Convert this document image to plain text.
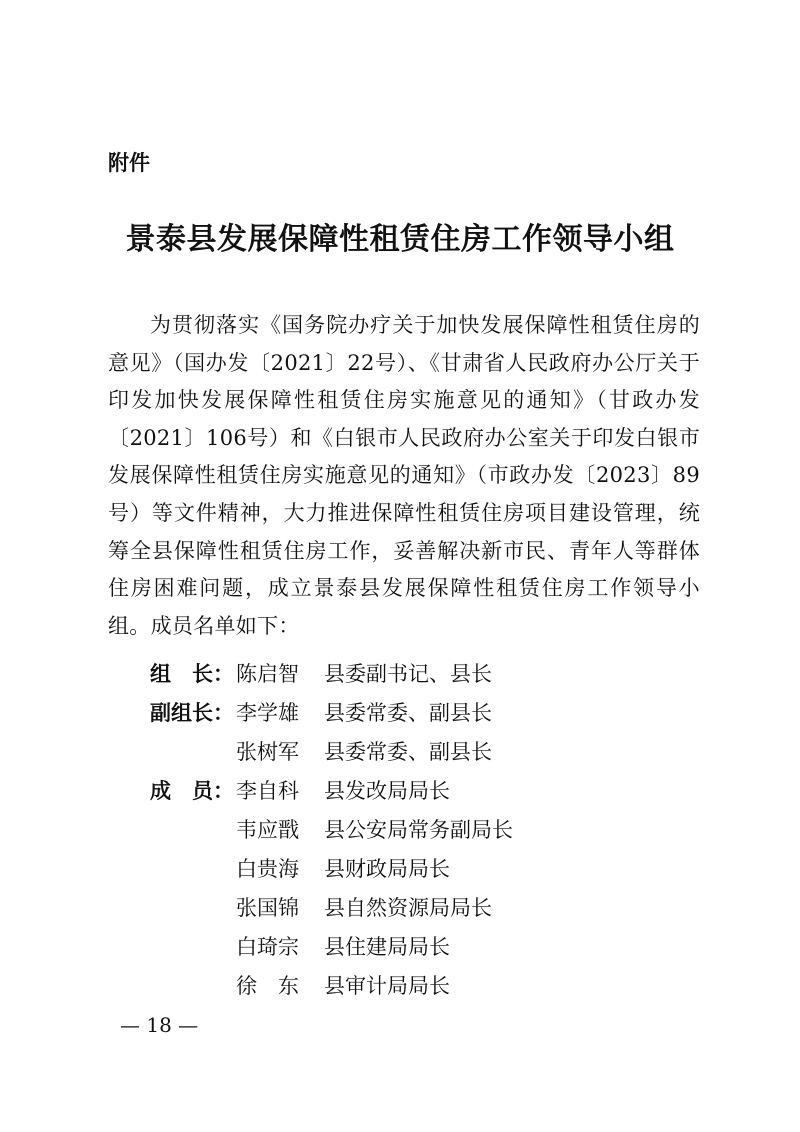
附件
景泰县发展保障性租赁住房工作领导小组
为贯彻落实《国务院办疗关于加快发展保障性租赁住房的意见》（国办发〔2021〕22号）、《甘肃省人民政府办公厅关于印发加快发展保障性租赁住房实施意见的通知》（甘政办发〔2021〕106号）和《白银市人民政府办公室关于印发白银市发展保障性租赁住房实施意见的通知》（市政办发〔2023〕89号）等文件精神，大力推进保障性租赁住房项目建设管理，统筹全县保障性租赁住房工作，妥善解决新市民、青年人等群体住房困难问题，成立景泰县发展保障性租赁住房工作领导小组。成员名单如下：
组　长： 陈启智	县委副书记、县长
副组长： 李学雄	县委常委、副县长
张树军	县委常委、副县长
成　员： 李自科	县发改局局长
韦应戬	县公安局常务副局长
白贵海	县财政局局长
张国锦	县自然资源局局长
白琦宗	县住建局局长
徐　东	县审计局局长
— 18 —
